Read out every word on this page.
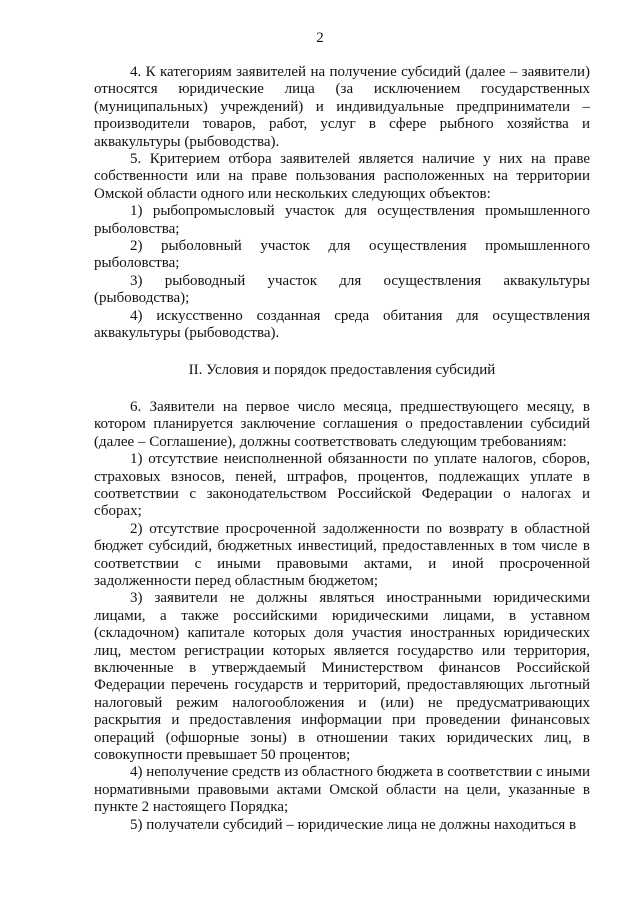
2

4. К категориям заявителей на получение субсидий (далее – заявители) относятся юридические лица (за исключением государственных (муниципальных) учреждений) и индивидуальные предприниматели – производители товаров, работ, услуг в сфере рыбного хозяйства и аквакультуры (рыбоводства).

5. Критерием отбора заявителей является наличие у них на праве собственности или на праве пользования расположенных на территории Омской области одного или нескольких следующих объектов:

1) рыбопромысловый участок для осуществления промышленного рыболовства;

2) рыболовный участок для осуществления промышленного рыболовства;

3) рыбоводный участок для осуществления аквакультуры (рыбоводства);

4) искусственно созданная среда обитания для осуществления аквакультуры (рыбоводства).

II. Условия и порядок предоставления субсидий

6. Заявители на первое число месяца, предшествующего месяцу, в котором планируется заключение соглашения о предоставлении субсидий (далее – Соглашение), должны соответствовать следующим требованиям:

1) отсутствие неисполненной обязанности по уплате налогов, сборов, страховых взносов, пеней, штрафов, процентов, подлежащих уплате в соответствии с законодательством Российской Федерации о налогах и сборах;

2) отсутствие просроченной задолженности по возврату в областной бюджет субсидий, бюджетных инвестиций, предоставленных в том числе в соответствии с иными правовыми актами, и иной просроченной задолженности перед областным бюджетом;

3) заявители не должны являться иностранными юридическими лицами, а также российскими юридическими лицами, в уставном (складочном) капитале которых доля участия иностранных юридических лиц, местом регистрации которых является государство или территория, включенные в утверждаемый Министерством финансов Российской Федерации перечень государств и территорий, предоставляющих льготный налоговый режим налогообложения и (или) не предусматривающих раскрытия и предоставления информации при проведении финансовых операций (офшорные зоны) в отношении таких юридических лиц, в совокупности превышает 50 процентов;

4) неполучение средств из областного бюджета в соответствии с иными нормативными правовыми актами Омской области на цели, указанные в пункте 2 настоящего Порядка;

5) получатели субсидий – юридические лица не должны находиться в
